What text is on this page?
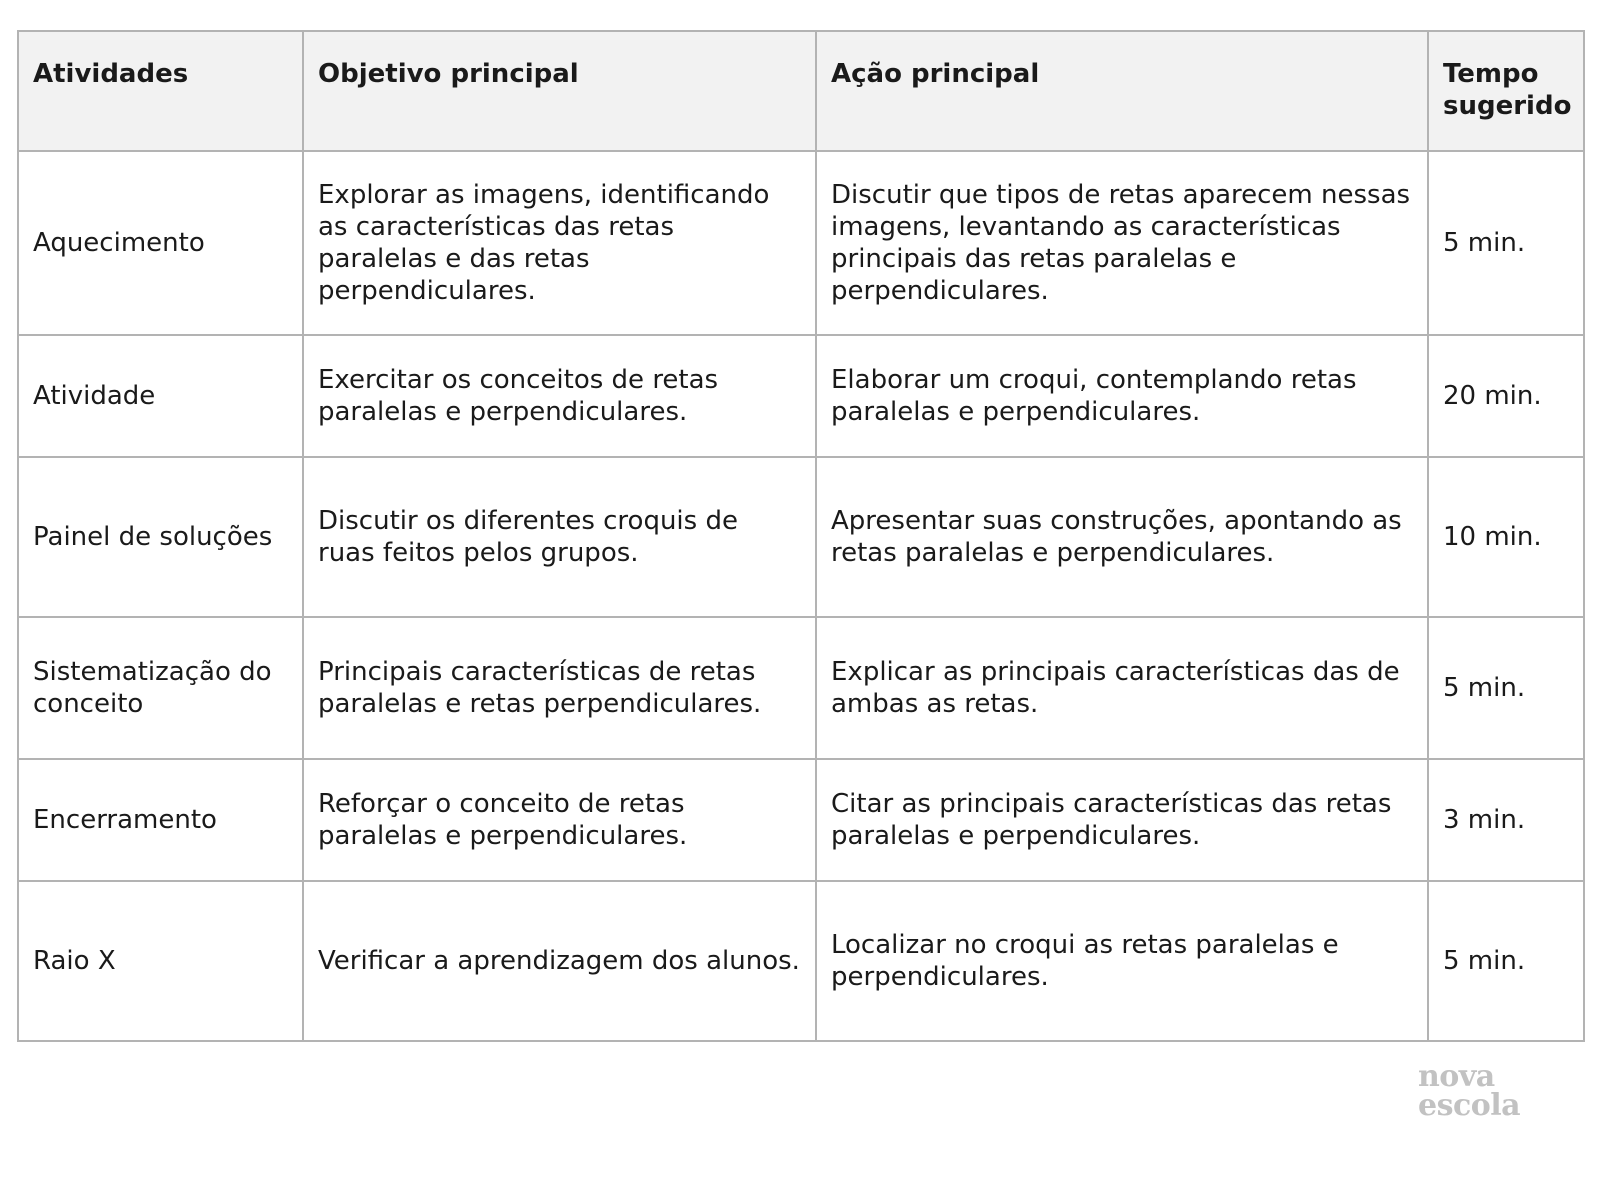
Atividades	Objetivo principal	Ação principal	Tempo sugerido
Aquecimento	Explorar as imagens, identificando as características das retas paralelas e das retas perpendiculares.	Discutir que tipos de retas aparecem nessas imagens, levantando as características principais das retas paralelas e perpendiculares.	5 min.
Atividade	Exercitar os conceitos de retas paralelas e perpendiculares.	Elaborar um croqui, contemplando retas paralelas e perpendiculares.	20 min.
Painel de soluções	Discutir os diferentes croquis de ruas feitos pelos grupos.	Apresentar suas construções, apontando as retas paralelas e perpendiculares.	10 min.
Sistematização do conceito	Principais características de retas paralelas e retas perpendiculares.	Explicar as principais características das de ambas as retas.	5 min.
Encerramento	Reforçar o conceito de retas paralelas e perpendiculares.	Citar as principais características das retas paralelas e perpendiculares.	3 min.
Raio X	Verificar a aprendizagem dos alunos.	Localizar no croqui as retas paralelas e perpendiculares.	5 min.
nova
escola
